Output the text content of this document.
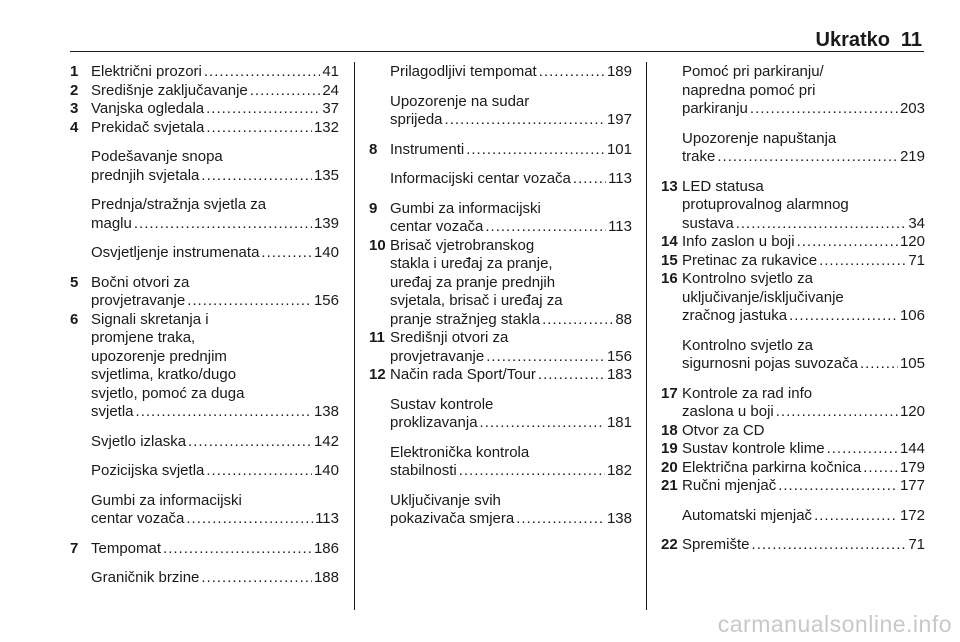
Ukratko 11
1 Električni prozori .....	41
2 Središnje zaključavanje .....	24
3 Vanjska ogledala .....	37
4 Prekidač svjetala .....	132
Podešavanje snopa
prednjih svjetala .....	135
Prednja/stražnja svjetla za
maglu .....	139
Osvjetljenje instrumenata .....	140
5 Bočni otvori za
provjetravanje .....	156
6 Signali skretanja i
promjene traka,
upozorenje prednjim
svjetlima, kratko/dugo
svjetlo, pomoć za duga
svjetla .....	138
Svjetlo izlaska .....	142
Pozicijska svjetla .....	140
Gumbi za informacijski
centar vozača .....	113
7 Tempomat .....	186
Graničnik brzine .....	188
Prilagodljivi tempomat .....	189
Upozorenje na sudar
sprijeda .....	197
8 Instrumenti .....	101
Informacijski centar vozača ..... 113
9 Gumbi za informacijski
centar vozača .....	113
10 Brisač vjetrobranskog
stakla i uređaj za pranje,
uređaj za pranje prednjih
svjetala, brisač i uređaj za
pranje stražnjeg stakla .....	88
11 Središnji otvori za
provjetravanje .....	156
12 Način rada Sport/Tour .....	183
Sustav kontrole
proklizavanja .....	181
Elektronička kontrola
stabilnosti .....	182
Uključivanje svih
pokazivača smjera .....	138
Pomoć pri parkiranju/
napredna pomoć pri
parkiranju .....	203
Upozorenje napuštanja
trake .....	219
13 LED statusa
protuprovalnog alarmnog
sustava .....	34
14 Info zaslon u boji .....	120
15 Pretinac za rukavice .....	71
16 Kontrolno svjetlo za
uključivanje/isključivanje
zračnog jastuka .....	106
Kontrolno svjetlo za
sigurnosni pojas suvozača .....	105
17 Kontrole za rad info
zaslona u boji .....	120
18 Otvor za CD
19 Sustav kontrole klime .....	144
20 Električna parkirna kočnica .....	179
21 Ručni mjenjač .....	177
Automatski mjenjač .....	172
22 Spremište .....	71
carmanualsonline.info
